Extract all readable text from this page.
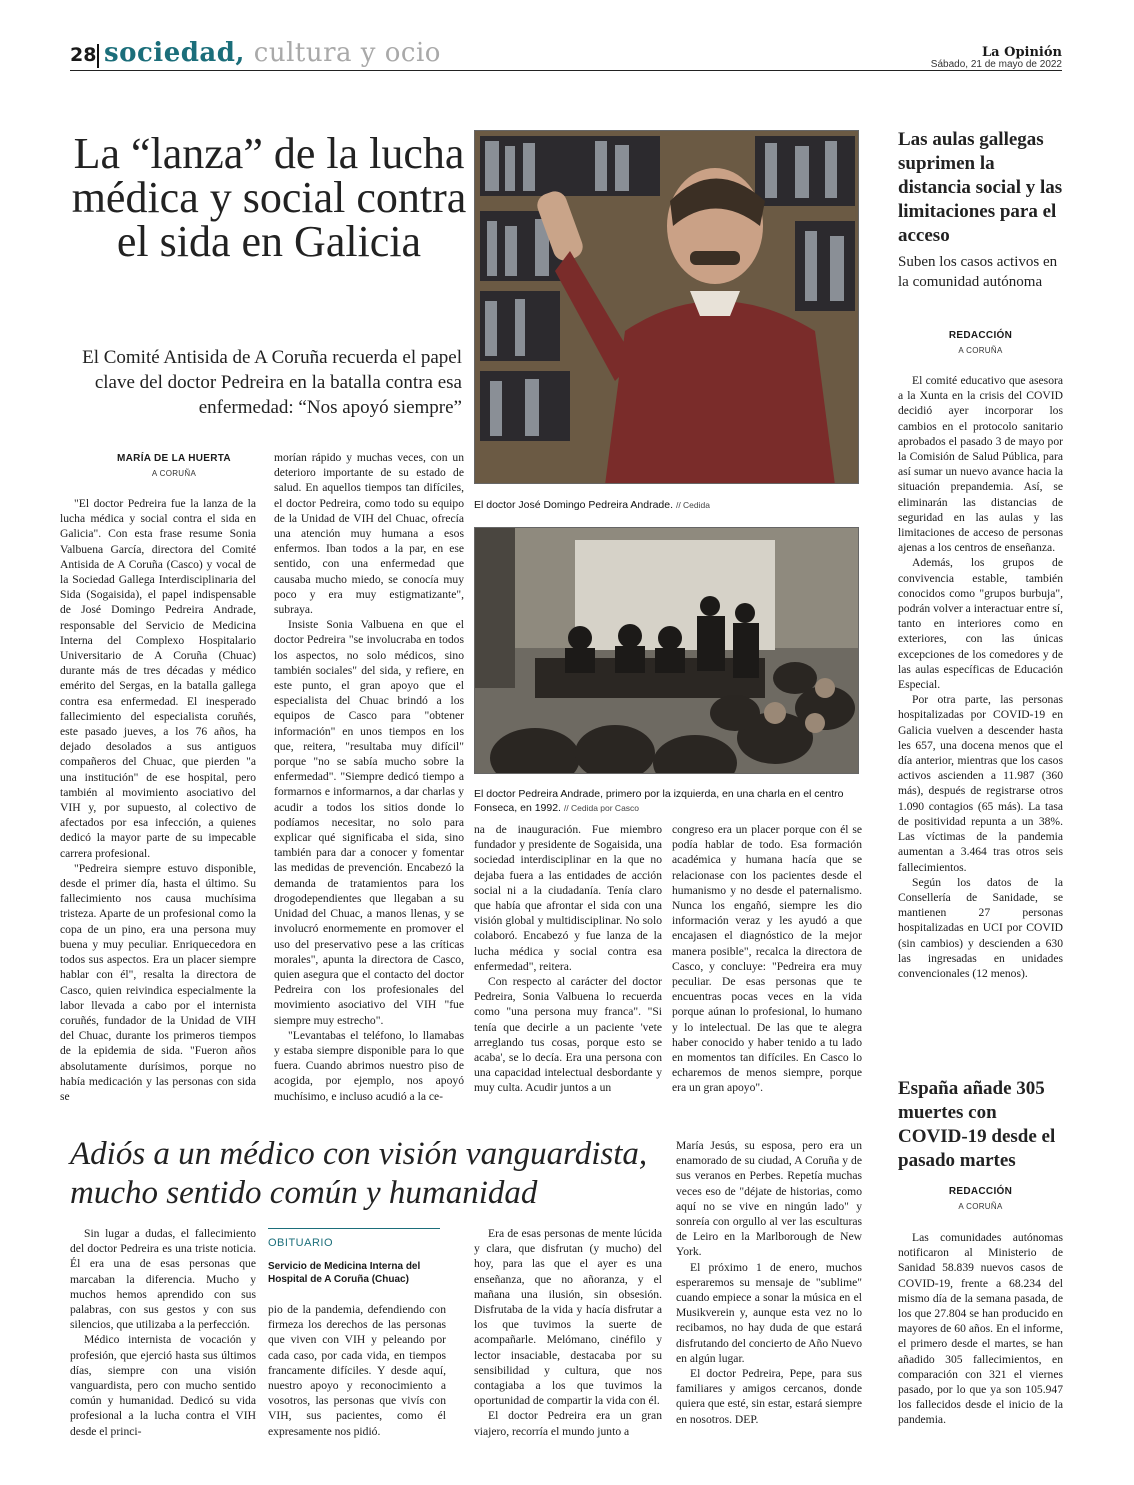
28 sociedad, cultura y ocio	La Opinión
Sábado, 21 de mayo de 2022
La “lanza” de la lucha médica y social contra el sida en Galicia
El Comité Antisida de A Coruña recuerda el papel clave del doctor Pedreira en la batalla contra esa enfermedad: “Nos apoyó siempre”
MARÍA DE LA HUERTA
A CORUÑA

"El doctor Pedreira fue la lanza de la lucha médica y social contra el sida en Galicia". Con esta frase resume Sonia Valbuena García, directora del Comité Antisida de A Coruña (Casco) y vocal de la Sociedad Gallega Interdisciplinaria del Sida (Sogaisida), el papel indispensable de José Domingo Pedreira Andrade, responsable del Servicio de Medicina Interna del Complexo Hospitalario Universitario de A Coruña (Chuac) durante más de tres décadas y médico emérito del Sergas, en la batalla gallega contra esa enfermedad. El inesperado fallecimiento del especialista coruñés, este pasado jueves, a los 76 años, ha dejado desolados a sus antiguos compañeros del Chuac, que pierden "a una institución" de ese hospital, pero también al movimiento asociativo del VIH y, por supuesto, al colectivo de afectados por esa infección, a quienes dedicó la mayor parte de su impecable carrera profesional.

"Pedreira siempre estuvo disponible, desde el primer día, hasta el último. Su fallecimiento nos causa muchísima tristeza. Aparte de un profesional como la copa de un pino, era una persona muy buena y muy peculiar. Enriquecedora en todos sus aspectos. Era un placer siempre hablar con él", resalta la directora de Casco, quien reivindica especialmente la labor llevada a cabo por el internista coruñés, fundador de la Unidad de VIH del Chuac, durante los primeros tiempos de la epidemia de sida. "Fueron años absolutamente durísimos, porque no había medicación y las personas con sida se

morían rápido y muchas veces, con un deterioro importante de su estado de salud. En aquellos tiempos tan difíciles, el doctor Pedreira, como todo su equipo de la Unidad de VIH del Chuac, ofrecía una atención muy humana a esos enfermos. Iban todos a la par, en ese sentido, con una enfermedad que causaba mucho miedo, se conocía muy poco y era muy estigmatizante", subraya.

Insiste Sonia Valbuena en que el doctor Pedreira "se involucraba en todos los aspectos, no solo médicos, sino también sociales" del sida, y refiere, en este punto, el gran apoyo que el especialista del Chuac brindó a los equipos de Casco para "obtener información" en unos tiempos en los que, reitera, "resultaba muy difícil" porque "no se sabía mucho sobre la enfermedad". "Siempre dedicó tiempo a formarnos e informarnos, a dar charlas y acudir a todos los sitios donde lo podíamos necesitar, no solo para explicar qué significaba el sida, sino también para dar a conocer y fomentar las medidas de prevención. Encabezó la demanda de tratamientos para los drogodependientes que llegaban a su Unidad del Chuac, a manos llenas, y se involucró enormemente en promover el uso del preservativo pese a las críticas morales", apunta la directora de Casco, quien asegura que el contacto del doctor Pedreira con los profesionales del movimiento asociativo del VIH "fue siempre muy estrecho".

"Levantabas el teléfono, lo llamabas y estaba siempre disponible para lo que fuera. Cuando abrimos nuestro piso de acogida, por ejemplo, nos apoyó muchísimo, e incluso acudió a la ce-

El doctor José Domingo Pedreira Andrade. // Cedida
El doctor Pedreira Andrade, primero por la izquierda, en una charla en el centro Fonseca, en 1992. // Cedida por Casco

na de inauguración. Fue miembro fundador y presidente de Sogaisida, una sociedad interdisciplinar en la que no dejaba fuera a las entidades de acción social ni a la ciudadanía. Tenía claro que había que afrontar el sida con una visión global y multidisciplinar. No solo colaboró. Encabezó y fue lanza de la lucha médica y social contra esa enfermedad", reitera.

Con respecto al carácter del doctor Pedreira, Sonia Valbuena lo recuerda como "una persona muy franca". "Si tenía que decirle a un paciente 'vete arreglando tus cosas, porque esto se acaba', se lo decía. Era una persona con una capacidad intelectual desbordante y muy culta. Acudir juntos a un

congreso era un placer porque con él se podía hablar de todo. Esa formación académica y humana hacía que se relacionase con los pacientes desde el humanismo y no desde el paternalismo. Nunca los engañó, siempre les dio información veraz y les ayudó a que encajasen el diagnóstico de la mejor manera posible", recalca la directora de Casco, y concluye: "Pedreira era muy peculiar. De esas personas que te encuentras pocas veces en la vida porque aúnan lo profesional, lo humano y lo intelectual. De las que te alegra haber conocido y haber tenido a tu lado en momentos tan difíciles. En Casco lo echaremos de menos siempre, porque era un gran apoyo".

Las aulas gallegas suprimen la distancia social y las limitaciones para el acceso
Suben los casos activos en la comunidad autónoma
REDACCIÓN
A CORUÑA

El comité educativo que asesora a la Xunta en la crisis del COVID decidió ayer incorporar los cambios en el protocolo sanitario aprobados el pasado 3 de mayo por la Comisión de Salud Pública, para así sumar un nuevo avance hacia la situación prepandemia. Así, se eliminarán las distancias de seguridad en las aulas y las limitaciones de acceso de personas ajenas a los centros de enseñanza.

Además, los grupos de convivencia estable, también conocidos como "grupos burbuja", podrán volver a interactuar entre sí, tanto en interiores como en exteriores, con las únicas excepciones de los comedores y de las aulas específicas de Educación Especial.

Por otra parte, las personas hospitalizadas por COVID-19 en Galicia vuelven a descender hasta les 657, una docena menos que el día anterior, mientras que los casos activos ascienden a 11.987 (360 más), después de registrarse otros 1.090 contagios (65 más). La tasa de positividad repunta a un 38%. Las víctimas de la pandemia aumentan a 3.464 tras otros seis fallecimientos.

Según los datos de la Consellería de Sanidade, se mantienen 27 personas hospitalizadas en UCI por COVID (sin cambios) y descienden a 630 las ingresadas en unidades convencionales (12 menos).

España añade 305 muertes con COVID-19 desde el pasado martes
REDACCIÓN
A CORUÑA

Las comunidades autónomas notificaron al Ministerio de Sanidad 58.839 nuevos casos de COVID-19, frente a 68.234 del mismo día de la semana pasada, de los que 27.804 se han producido en mayores de 60 años. En el informe, el primero desde el martes, se han añadido 305 fallecimientos, en comparación con 321 el viernes pasado, por lo que ya son 105.947 los fallecidos desde el inicio de la pandemia.

Adiós a un médico con visión vanguardista, mucho sentido común y humanidad
OBITUARIO
Servicio de Medicina Interna del Hospital de A Coruña (Chuac)

Sin lugar a dudas, el fallecimiento del doctor Pedreira es una triste noticia. Él era una de esas personas que marcaban la diferencia. Mucho y muchos hemos aprendido con sus palabras, con sus gestos y con sus silencios, que utilizaba a la perfección.

Médico internista de vocación y profesión, que ejerció hasta sus últimos días, siempre con una visión vanguardista, pero con mucho sentido común y humanidad. Dedicó su vida profesional a la lucha contra el VIH desde el princi-

pio de la pandemia, defendiendo con firmeza los derechos de las personas que viven con VIH y peleando por cada caso, por cada vida, en tiempos francamente difíciles. Y desde aquí, nuestro apoyo y reconocimiento a vosotros, las personas que vivís con VIH, sus pacientes, como él expresamente nos pidió.

Era de esas personas de mente lúcida y clara, que disfrutan (y mucho) del hoy, para las que el ayer es una enseñanza, que no añoranza, y el mañana una ilusión, sin obsesión. Disfrutaba de la vida y hacía disfrutar a los que tuvimos la suerte de acompañarle. Melómano, cinéfilo y lector insaciable, destacaba por su sensibilidad y cultura, que nos contagiaba a los que tuvimos la oportunidad de compartir la vida con él.

El doctor Pedreira era un gran viajero, recorría el mundo junto a

María Jesús, su esposa, pero era un enamorado de su ciudad, A Coruña y de sus veranos en Perbes. Repetía muchas veces eso de "déjate de historias, como aquí no se vive en ningún lado" y sonreía con orgullo al ver las esculturas de Leiro en la Marlborough de New York.

El próximo 1 de enero, muchos esperaremos su mensaje de "sublime" cuando empiece a sonar la música en el Musikverein y, aunque esta vez no lo recibamos, no hay duda de que estará disfrutando del concierto de Año Nuevo en algún lugar.

El doctor Pedreira, Pepe, para sus familiares y amigos cercanos, donde quiera que esté, sin estar, estará siempre en nosotros. DEP.
